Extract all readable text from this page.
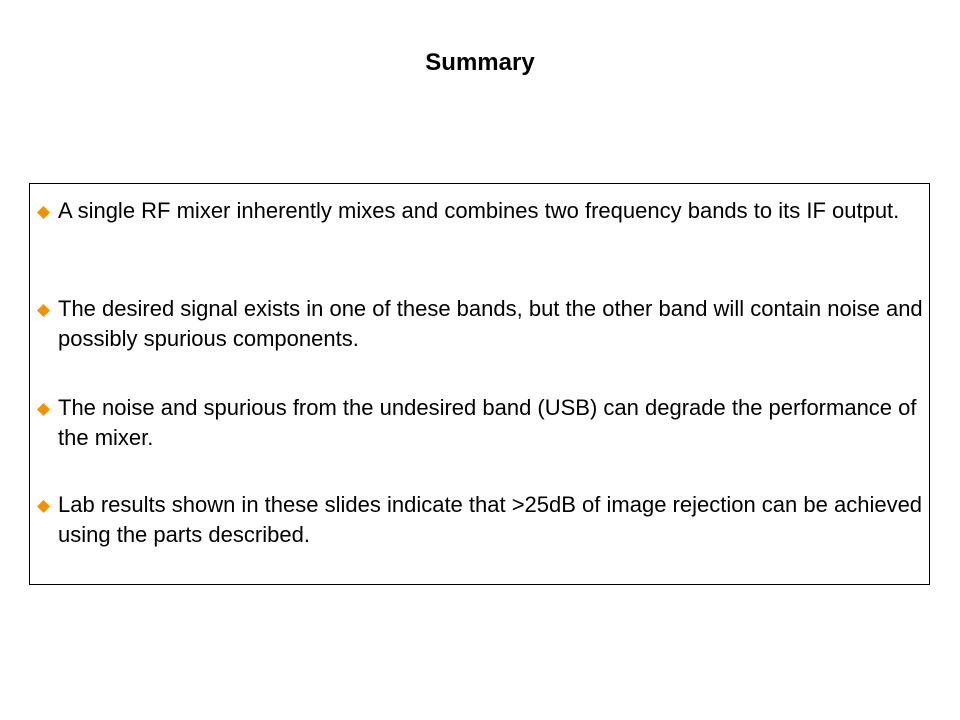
Summary
A single RF mixer inherently mixes and combines two frequency bands to its IF output.
The desired signal exists in one of these bands, but the other band will contain noise and possibly spurious components.
The noise and spurious from the undesired band (USB) can degrade the performance of the mixer.
Lab results shown in these slides indicate that >25dB of image rejection can be achieved using the parts described.
